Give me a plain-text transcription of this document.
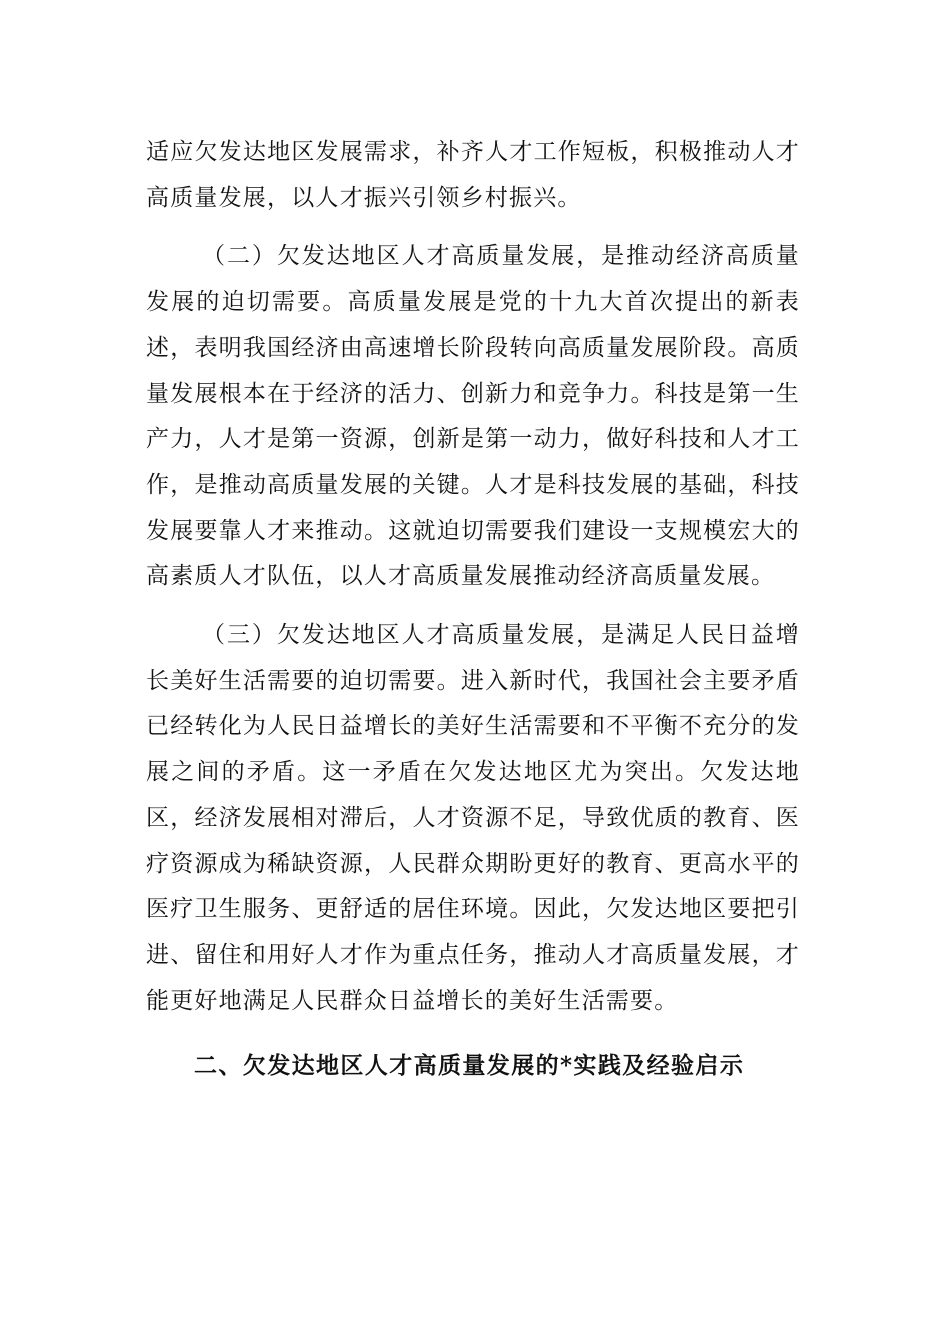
适应欠发达地区发展需求，补齐人才工作短板，积极推动人才高质量发展，以人才振兴引领乡村振兴。

（二）欠发达地区人才高质量发展，是推动经济高质量发展的迫切需要。高质量发展是党的十九大首次提出的新表述，表明我国经济由高速增长阶段转向高质量发展阶段。高质量发展根本在于经济的活力、创新力和竞争力。科技是第一生产力，人才是第一资源，创新是第一动力，做好科技和人才工作，是推动高质量发展的关键。人才是科技发展的基础，科技发展要靠人才来推动。这就迫切需要我们建设一支规模宏大的高素质人才队伍，以人才高质量发展推动经济高质量发展。

（三）欠发达地区人才高质量发展，是满足人民日益增长美好生活需要的迫切需要。进入新时代，我国社会主要矛盾已经转化为人民日益增长的美好生活需要和不平衡不充分的发展之间的矛盾。这一矛盾在欠发达地区尤为突出。欠发达地区，经济发展相对滞后，人才资源不足，导致优质的教育、医疗资源成为稀缺资源，人民群众期盼更好的教育、更高水平的医疗卫生服务、更舒适的居住环境。因此，欠发达地区要把引进、留住和用好人才作为重点任务，推动人才高质量发展，才能更好地满足人民群众日益增长的美好生活需要。

二、欠发达地区人才高质量发展的*实践及经验启示
